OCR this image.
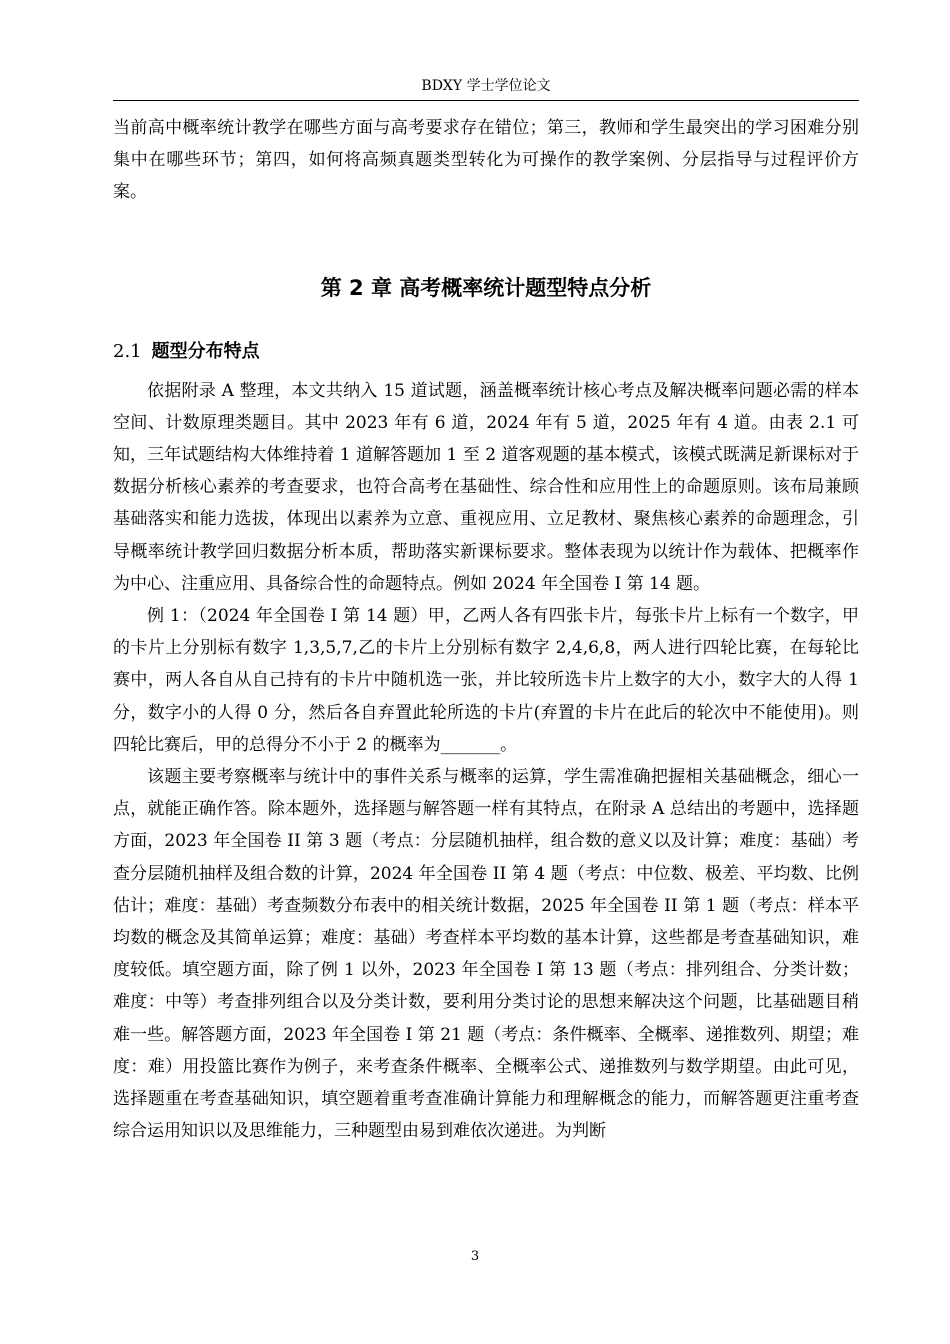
BDXY 学士学位论文

当前高中概率统计教学在哪些方面与高考要求存在错位；第三，教师和学生最突出的学习困难分别集中在哪些环节；第四，如何将高频真题类型转化为可操作的教学案例、分层指导与过程评价方案。

第 2 章 高考概率统计题型特点分析
2.1 题型分布特点

依据附录 A 整理，本文共纳入 15 道试题，涵盖概率统计核心考点及解决概率问题必需的样本空间、计数原理类题目。其中 2023 年有 6 道，2024 年有 5 道，2025 年有 4 道。由表 2.1 可知，三年试题结构大体维持着 1 道解答题加 1 至 2 道客观题的基本模式，该模式既满足新课标对于数据分析核心素养的考查要求，也符合高考在基础性、综合性和应用性上的命题原则。该布局兼顾基础落实和能力选拔，体现出以素养为立意、重视应用、立足教材、聚焦核心素养的命题理念，引导概率统计教学回归数据分析本质，帮助落实新课标要求。整体表现为以统计作为载体、把概率作为中心、注重应用、具备综合性的命题特点。例如 2024 年全国卷 I 第 14 题。

例 1：（2024 年全国卷 I 第 14 题）甲，乙两人各有四张卡片，每张卡片上标有一个数字，甲的卡片上分别标有数字 1,3,5,7,乙的卡片上分别标有数字 2,4,6,8，两人进行四轮比赛，在每轮比赛中，两人各自从自己持有的卡片中随机选一张，并比较所选卡片上数字的大小，数字大的人得 1 分，数字小的人得 0 分，然后各自弃置此轮所选的卡片(弃置的卡片在此后的轮次中不能使用)。则四轮比赛后，甲的总得分不小于 2 的概率为_______。

该题主要考察概率与统计中的事件关系与概率的运算，学生需准确把握相关基础概念，细心一点，就能正确作答。除本题外，选择题与解答题一样有其特点，在附录 A 总结出的考题中，选择题方面，2023 年全国卷 II 第 3 题（考点：分层随机抽样，组合数的意义以及计算；难度：基础）考查分层随机抽样及组合数的计算，2024 年全国卷 II 第 4 题（考点：中位数、极差、平均数、比例估计；难度：基础）考查频数分布表中的相关统计数据，2025 年全国卷 II 第 1 题（考点：样本平均数的概念及其简单运算；难度：基础）考查样本平均数的基本计算，这些都是考查基础知识，难度较低。填空题方面，除了例 1 以外，2023 年全国卷 I 第 13 题（考点：排列组合、分类计数；难度：中等）考查排列组合以及分类计数，要利用分类讨论的思想来解决这个问题，比基础题目稍难一些。解答题方面，2023 年全国卷 I 第 21 题（考点：条件概率、全概率、递推数列、期望；难度：难）用投篮比赛作为例子，来考查条件概率、全概率公式、递推数列与数学期望。由此可见，选择题重在考查基础知识，填空题着重考查准确计算能力和理解概念的能力，而解答题更注重考查综合运用知识以及思维能力，三种题型由易到难依次递进。为判断

3
